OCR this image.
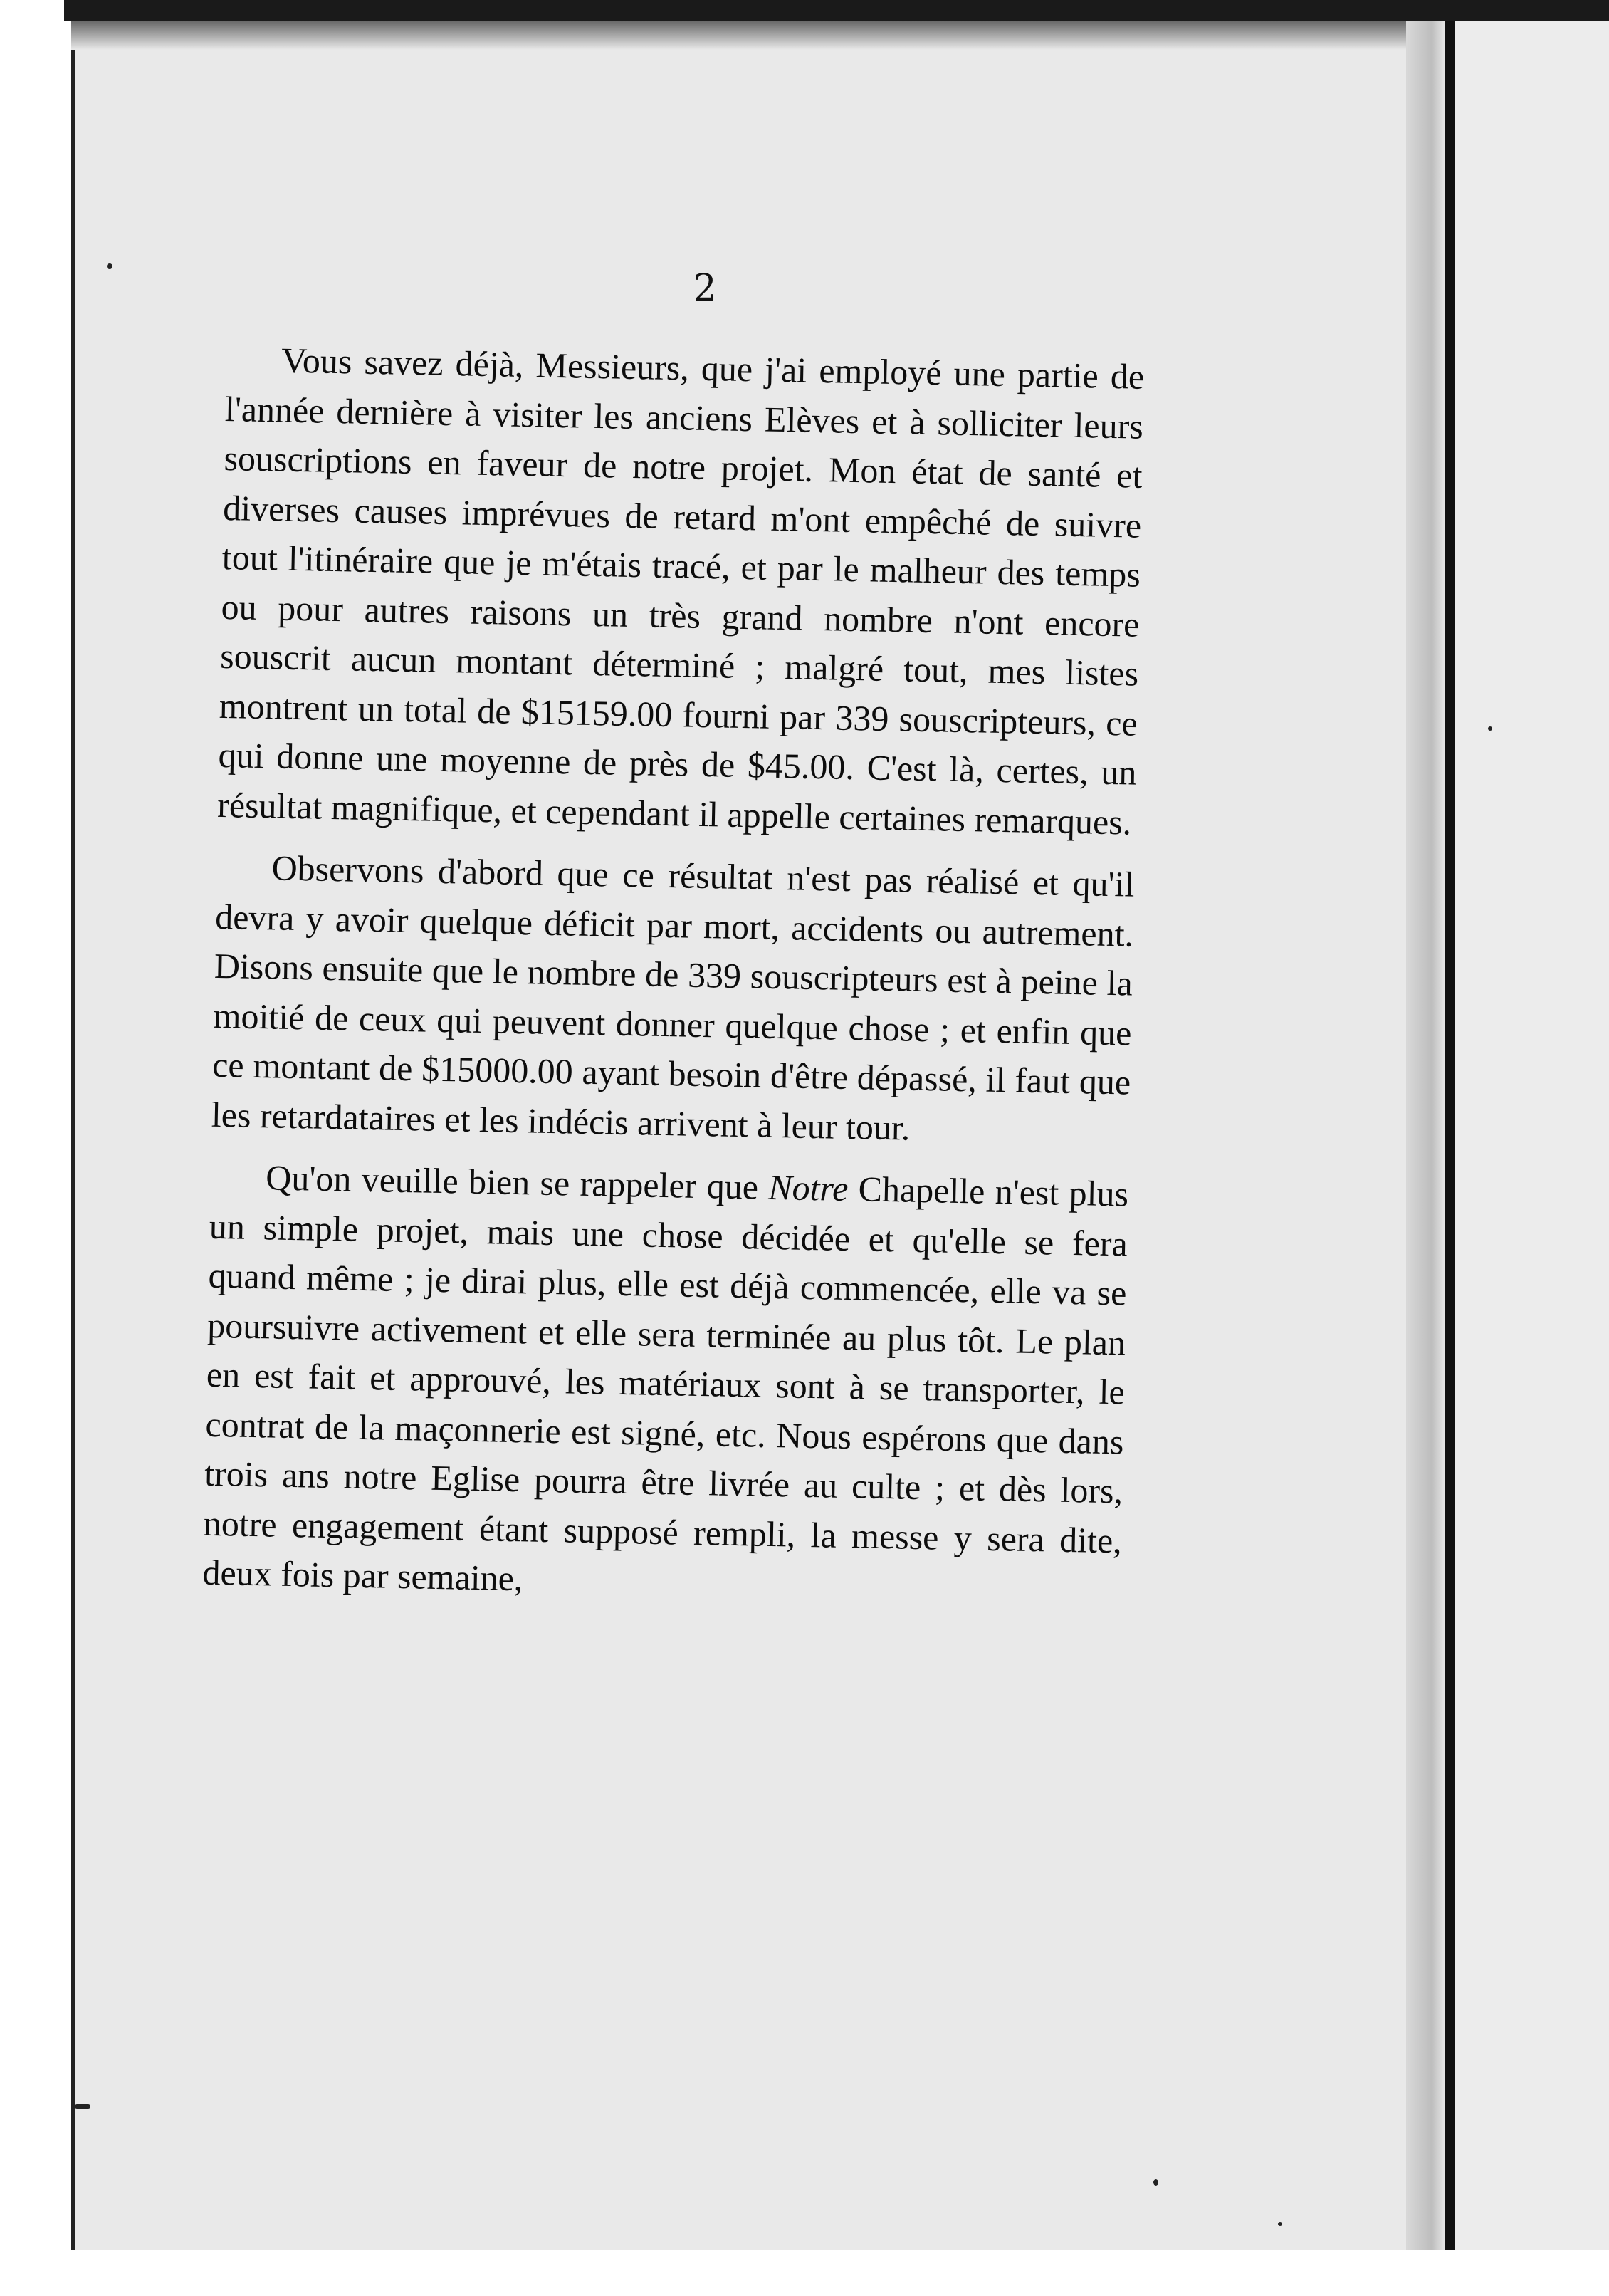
2

Vous savez déjà, Messieurs, que j'ai employé une partie de l'année dernière à visiter les anciens Elèves et à solliciter leurs souscriptions en faveur de notre projet. Mon état de santé et diverses causes imprévues de retard m'ont empêché de suivre tout l'itinéraire que je m'étais tracé, et par le malheur des temps ou pour autres raisons un très grand nombre n'ont encore souscrit aucun montant déterminé ; malgré tout, mes listes montrent un total de $15159.00 fourni par 339 souscripteurs, ce qui donne une moyenne de près de $45.00. C'est là, certes, un résultat magnifique, et cependant il appelle certaines remarques.

Observons d'abord que ce résultat n'est pas réalisé et qu'il devra y avoir quelque déficit par mort, accidents ou autrement. Disons ensuite que le nombre de 339 souscripteurs est à peine la moitié de ceux qui peuvent donner quelque chose ; et enfin que ce montant de $15000.00 ayant besoin d'être dépassé, il faut que les retardataires et les indécis arrivent à leur tour.

Qu'on veuille bien se rappeler que Notre Chapelle n'est plus un simple projet, mais une chose décidée et qu'elle se fera quand même ; je dirai plus, elle est déjà commencée, elle va se poursuivre activement et elle sera terminée au plus tôt. Le plan en est fait et approuvé, les matériaux sont à se transporter, le contrat de la maçonnerie est signé, etc. Nous espérons que dans trois ans notre Eglise pourra être livrée au culte ; et dès lors, notre engagement étant supposé rempli, la messe y sera dite, deux fois par semaine,
